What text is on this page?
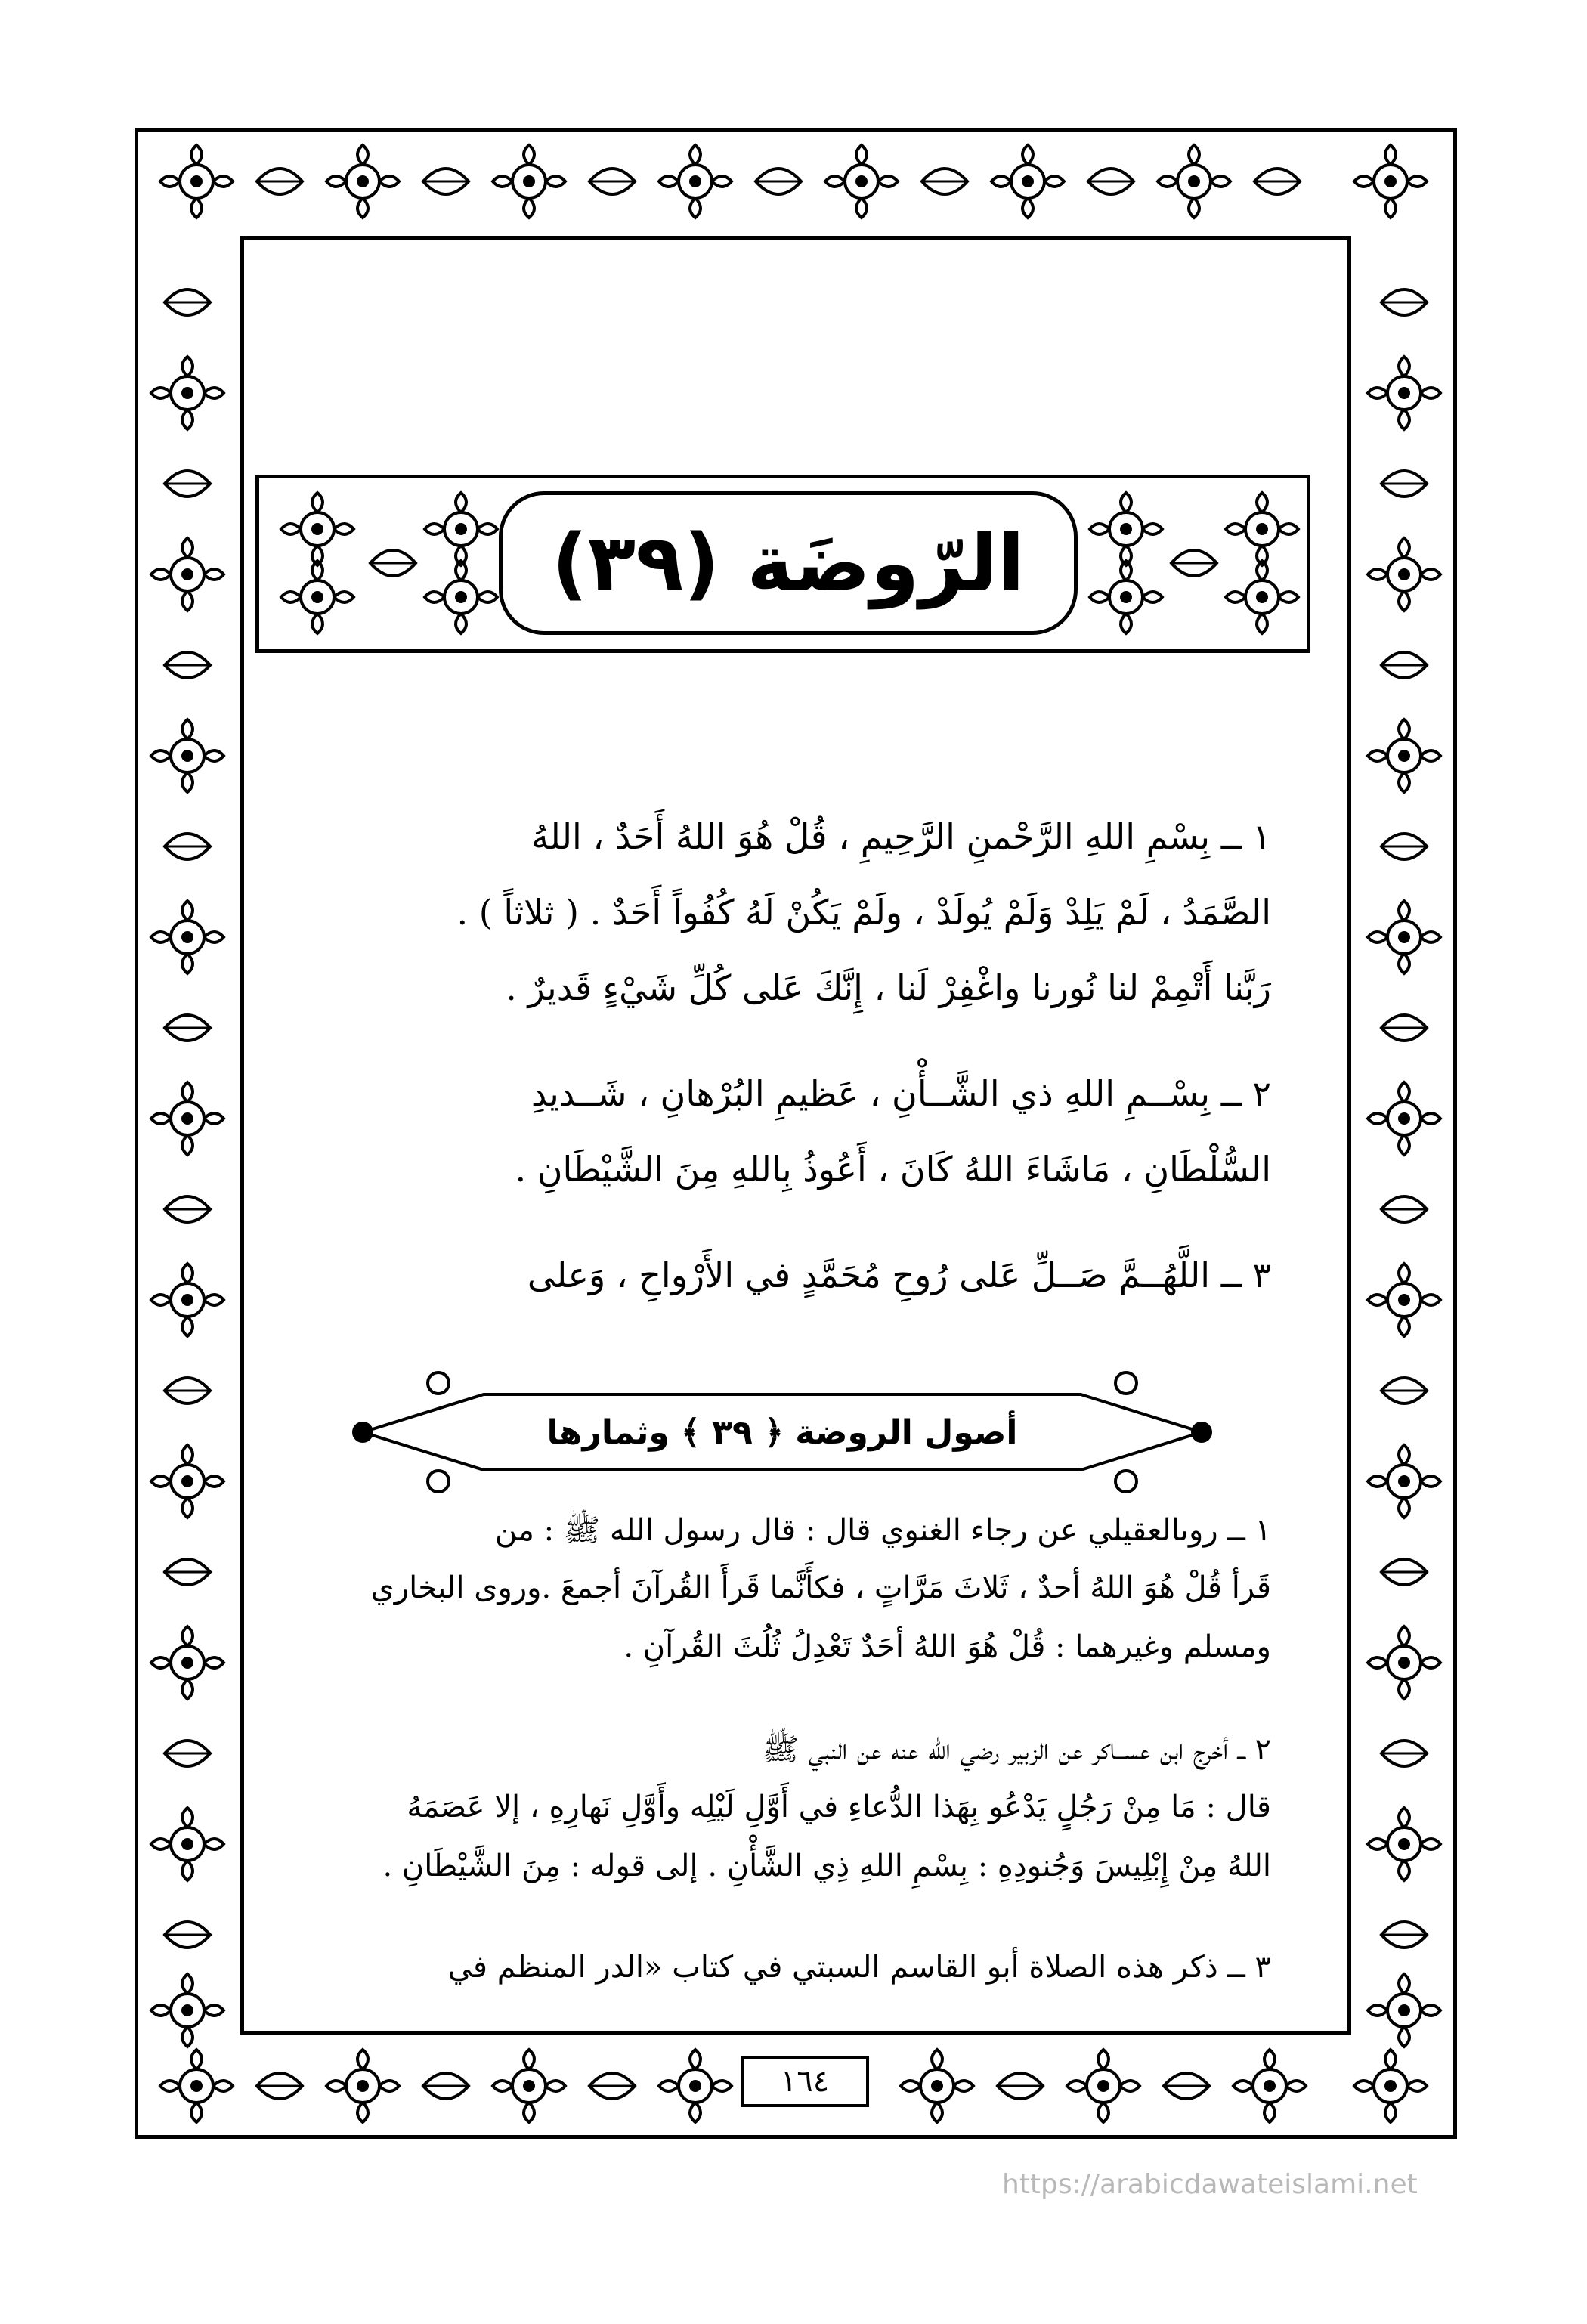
الرّوضَة (٣٩)
١ ــ بِسْمِ اللهِ الرَّحْمنِ الرَّحِيمِ ، قُلْ هُوَ اللهُ أَحَدٌ ، اللهُ
الصَّمَدُ ، لَمْ يَلِدْ وَلَمْ يُولَدْ ، ولَمْ يَكُنْ لَهُ كُفُواً أَحَدٌ . ( ثلاثاً ) .
رَبَّنا أَتْمِمْ لنا نُورنا واغْفِرْ لَنا ، إِنَّكَ عَلى كُلِّ شَيْءٍ قَديرٌ .
٢ ــ بِسْــمِ اللهِ ذي الشَّــأْنِ ، عَظيمِ البُرْهانِ ، شَــديدِ
السُّلْطَانِ ، مَاشَاءَ اللهُ كَانَ ، أَعُوذُ بِاللهِ مِنَ الشَّيْطَانِ .
٣ ــ اللَّهُــمَّ صَــلِّ عَلى رُوحِ مُحَمَّدٍ في الأَرْواحِ ، وَعلى
أصول الروضة ﴿ ٣٩ ﴾ وثمارها
١ ــ روىالعقيلي عن رجاء الغنوي قال : قال رسول الله ﷺ : من
قَرأ قُلْ هُوَ اللهُ أحدٌ ، ثَلاثَ مَرَّاتٍ ، فكأَنَّما قَرأَ القُرآنَ أجمعَ .وروى البخاري
ومسلم وغيرهما : قُلْ هُوَ اللهُ أحَدٌ تَعْدِلُ ثُلُثَ القُرآنِ .
٢ ــ أخرج ابن عســاكر عن الزبير رضي الله عنه عن النبي ﷺ
قال : مَا مِنْ رَجُلٍ يَدْعُو بِهَذا الدُّعاءِ في أَوَّلِ لَيْلِه وأَوَّلِ نَهارِهِ ، إلا عَصَمَهُ
اللهُ مِنْ إِبْلِيسَ وَجُنودِهِ : بِسْمِ اللهِ ذِي الشَّأْنِ . إلى قوله : مِنَ الشَّيْطَانِ .
٣ ــ ذكر هذه الصلاة أبو القاسم السبتي في كتاب «الدر المنظم في
١٦٤
https://arabicdawateislami.net
